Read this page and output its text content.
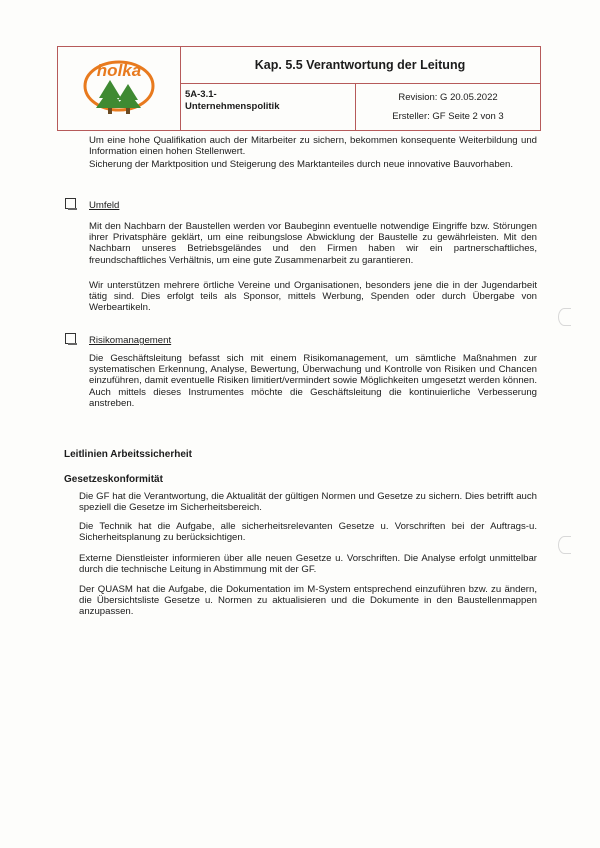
holka	Kap. 5.5 Verantwortung der Leitung
5A-3.1-
Unternehmenspolitik
Revision: G 20.05.2022
Ersteller: GF Seite 2 von 3
Um eine hohe Qualifikation auch der Mitarbeiter zu sichern, bekommen konsequente Weiterbildung und Information einen hohen Stellenwert.
Sicherung der Marktposition und Steigerung des Marktanteiles durch neue innovative Bauvorhaben.
Umfeld
Mit den Nachbarn der Baustellen werden vor Baubeginn eventuelle notwendige Eingriffe bzw. Störungen ihrer Privatsphäre geklärt, um eine reibungslose Abwicklung der Baustelle zu gewährleisten. Mit den Nachbarn unseres Betriebsgeländes und den Firmen haben wir ein partnerschaftliches, freundschaftliches Verhältnis, um eine gute Zusammenarbeit zu garantieren.
Wir unterstützen mehrere örtliche Vereine und Organisationen, besonders jene die in der Jugendarbeit tätig sind. Dies erfolgt teils als Sponsor, mittels Werbung, Spenden oder durch Übergabe von Werbeartikeln.
Risikomanagement
Die Geschäftsleitung befasst sich mit einem Risikomanagement, um sämtliche Maßnahmen zur systematischen Erkennung, Analyse, Bewertung, Überwachung und Kontrolle von Risiken und Chancen einzuführen, damit eventuelle Risiken limitiert/vermindert sowie Möglichkeiten umgesetzt werden können. Auch mittels dieses Instrumentes möchte die Geschäftsleitung die kontinuierliche Verbesserung anstreben.
Leitlinien Arbeitssicherheit
Gesetzeskonformität
Die GF hat die Verantwortung, die Aktualität der gültigen Normen und Gesetze zu sichern. Dies betrifft auch speziell die Gesetze im Sicherheitsbereich.
Die Technik hat die Aufgabe, alle sicherheitsrelevanten Gesetze u. Vorschriften bei der Auftrags-u. Sicherheitsplanung zu berücksichtigen.
Externe Dienstleister informieren über alle neuen Gesetze u. Vorschriften. Die Analyse erfolgt unmittelbar durch die technische Leitung in Abstimmung mit der GF.
Der QUASM hat die Aufgabe, die Dokumentation im M-System entsprechend einzuführen bzw. zu ändern, die Übersichtsliste Gesetze u. Normen zu aktualisieren und die Dokumente in den Baustellenmappen anzupassen.
